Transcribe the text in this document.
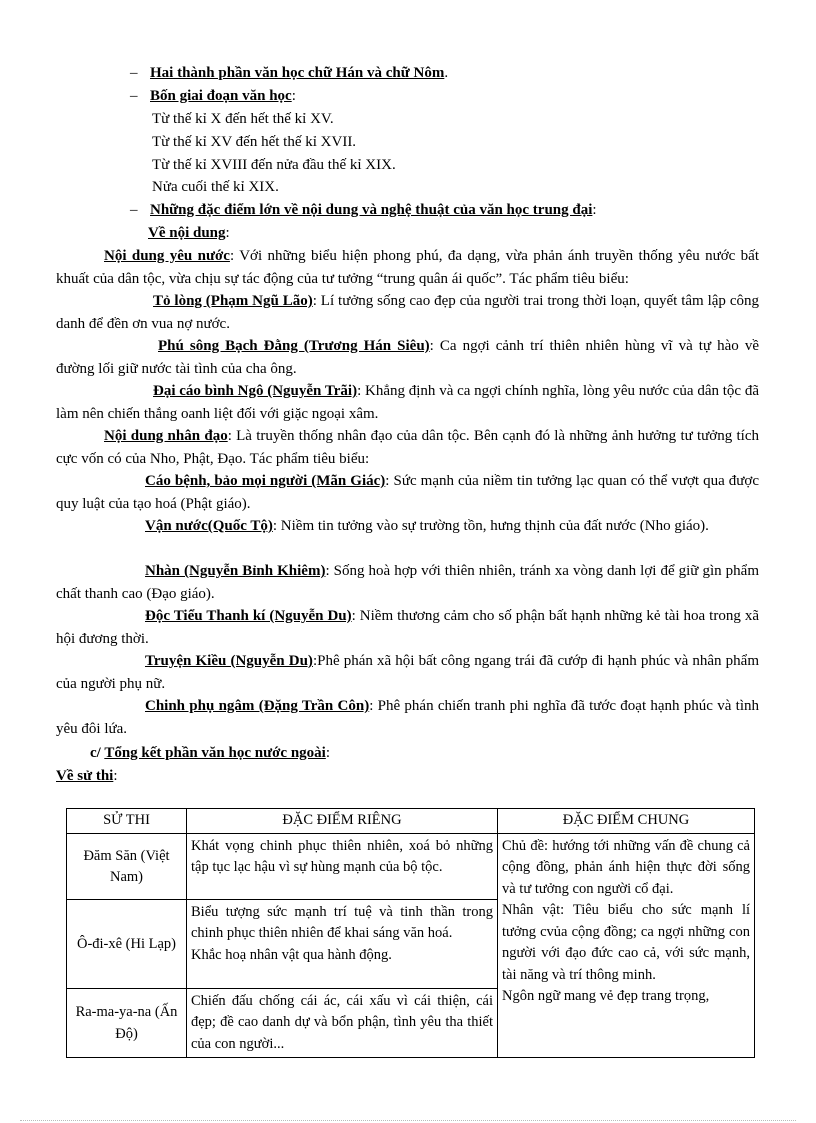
– Hai thành phần văn học chữ Hán và chữ Nôm.
– Bốn giai đoạn văn học:
Từ thế kỉ X đến hết thế kỉ XV.
Từ thế kỉ XV đến hết thế kỉ XVII.
Từ thế kỉ XVIII đến nửa đầu thế kỉ XIX.
Nửa cuối thế kỉ XIX.
– Những đặc điểm lớn về nội dung và nghệ thuật của văn học trung đại:
Về nội dung:
Nội dung yêu nước: Với những biểu hiện phong phú, đa dạng, vừa phản ánh truyền thống yêu nước bất khuất của dân tộc, vừa chịu sự tác động của tư tưởng “trung quân ái quốc”. Tác phẩm tiêu biểu:
Tỏ lòng (Phạm Ngũ Lão): Lí tưởng sống cao đẹp của người trai trong thời loạn, quyết tâm lập công danh để đền ơn vua nợ nước.
Phú sông Bạch Đằng (Trương Hán Siêu): Ca ngợi cảnh trí thiên nhiên hùng vĩ và tự hào về đường lối giữ nước tài tình của cha ông.
Đại cáo bình Ngô (Nguyễn Trãi): Khẳng định và ca ngợi chính nghĩa, lòng yêu nước của dân tộc đã làm nên chiến thắng oanh liệt đối với giặc ngoại xâm.
Nội dung nhân đạo: Là truyền thống nhân đạo của dân tộc. Bên cạnh đó là những ảnh hưởng tư tưởng tích cực vốn có của Nho, Phật, Đạo. Tác phẩm tiêu biểu:
Cáo bệnh, bảo mọi người (Mãn Giác): Sức mạnh của niềm tin tưởng lạc quan có thể vượt qua được quy luật của tạo hoá (Phật giáo).
Vận nước(Quốc Tộ): Niềm tin tưởng vào sự trường tồn, hưng thịnh của đất nước (Nho giáo).
Nhàn (Nguyễn Bỉnh Khiêm): Sống hoà hợp với thiên nhiên, tránh xa vòng danh lợi để giữ gìn phẩm chất thanh cao (Đạo giáo).
Độc Tiểu Thanh kí (Nguyễn Du): Niềm thương cảm cho số phận bất hạnh những kẻ tài hoa trong xã hội đương thời.
Truyện Kiều (Nguyễn Du):Phê phán xã hội bất công ngang trái đã cướp đi hạnh phúc và nhân phẩm của người phụ nữ.
Chinh phụ ngâm (Đặng Trần Côn): Phê phán chiến tranh phi nghĩa đã tước đoạt hạnh phúc và tình yêu đôi lứa.
c/ Tổng kết phần văn học nước ngoài:
Về sử thi:
SỬ THI	ĐẶC ĐIỂM RIÊNG	ĐẶC ĐIỂM CHUNG
Đăm Săn (Việt Nam)	Khát vọng chinh phục thiên nhiên, xoá bỏ những tập tục lạc hậu vì sự hùng mạnh của bộ tộc.	Chủ đề: hướng tới những vấn đề chung cả cộng đồng, phản ánh hiện thực đời sống và tư tưởng con người cổ đại.
Nhân vật: Tiêu biểu cho sức mạnh lí tưởng cvủa cộng đồng; ca ngợi những con người với đạo đức cao cả, với sức mạnh, tài năng và trí thông minh.
Ngôn ngữ mang vẻ đẹp trang trọng,

Ô-đi-xê (Hi Lạp)	Biểu tượng sức mạnh trí tuệ và tinh thần trong chinh phục thiên nhiên để khai sáng văn hoá.
Khắc hoạ nhân vật qua hành động.	

Ra-ma-ya-na (Ấn Độ)	Chiến đấu chống cái ác, cái xấu vì cái thiện, cái đẹp; đề cao danh dự và bổn phận, tình yêu tha thiết của con người...	
